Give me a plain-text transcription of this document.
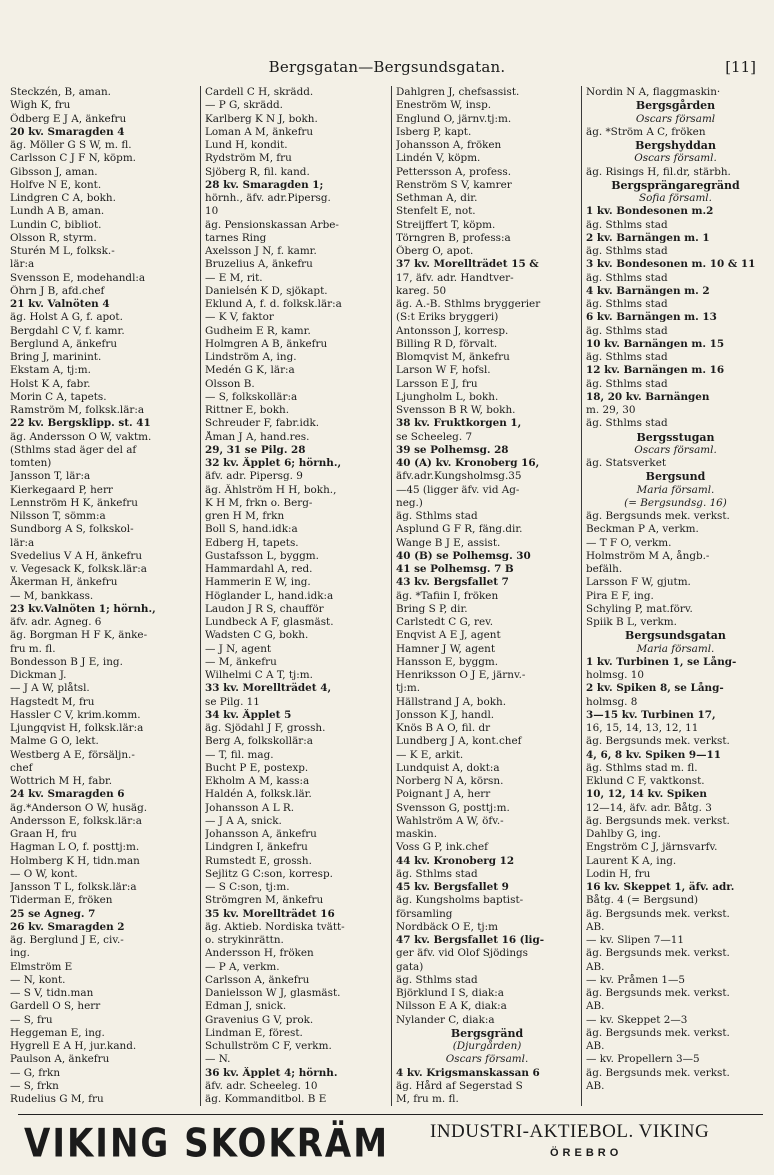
Bergsgatan—Bergsundsgatan.	[11]
Steckzén, B, aman.
Wigh K, fru
Ödberg E J A, änkefru
20 kv. Smaragden 4
äg. Möller G S W, m. fl.
Carlsson C J F N, köpm.
Gibsson J, aman.
Holfve N E, kont.
Lindgren C A, bokh.
Lundh A B, aman.
Lundin C, bibliot.
Olsson R, styrm.
Sturén M L, folksk.-
lär:a
Svensson E, modehandl:a
Öhrn J B, afd.chef
21 kv. Valnöten 4
äg. Holst A G, f. apot.
Bergdahl C V, f. kamr.
Berglund A, änkefru
Bring J, marinint.
Ekstam A, tj:m.
Holst K A, fabr.
Morin C A, tapets.
Ramström M, folksk.lär:a
22 kv. Bergsklipp. st. 41
äg. Andersson O W, vaktm.
(Sthlms stad äger del af
tomten)
Jansson T, lär:a
Kierkegaard P, herr
Lennström H K, änkefru
Nilsson T, sömm:a
Sundborg A S, folkskol-
lär:a
Svedelius V A H, änkefru
v. Vegesack K, folksk.lär:a
Åkerman H, änkefru
— M, bankkass.
23 kv.Valnöten 1; hörnh.,
äfv. adr. Agneg. 6
äg. Borgman H F K, änke-
fru m. fl.
Bondesson B J E, ing.
Dickman J.
— J A W, plåtsl.
Hagstedt M, fru
Hassler C V, krim.komm.
Ljungqvist H, folksk.lär:a
Malme G O, lekt.
Westberg A E, försäljn.-
chef
Wottrich M H, fabr.
24 kv. Smaragden 6
äg.*Anderson O W, husäg.
Andersson E, folksk.lär:a
Graan H, fru
Hagman L O, f. posttj:m.
Holmberg K H, tidn.man
— O W, kont.
Jansson T L, folksk.lär:a
Tiderman E, fröken
25 se Agneg. 7
26 kv. Smaragden 2
äg. Berglund J E, civ.-
ing.
Elmström E
— N, kont.
— S V, tidn.man
Gardell O S, herr
— S, fru
Heggeman E, ing.
Hygrell E A H, jur.kand.
Paulson A, änkefru
— G, frkn
— S, frkn
Rudelius G M, fru
Cardell C H, skrädd.
— P G, skrädd.
Karlberg K N J, bokh.
Loman A M, änkefru
Lund H, kondit.
Rydström M, fru
Sjöberg R, fil. kand.
28 kv. Smaragden 1;
hörnh., äfv. adr.Pipersg.
10
äg. Pensionskassan Arbe-
tarnes Ring
Axelsson J N, f. kamr.
Bruzelius A, änkefru
— E M, rit.
Danielsén K D, sjökapt.
Eklund A, f. d. folksk.lär:a
— K V, faktor
Gudheim E R, kamr.
Holmgren A B, änkefru
Lindström A, ing.
Medén G K, lär:a
Olsson B.
— S, folkskollär:a
Rittner E, bokh.
Schreuder F, fabr.idk.
Åman J A, hand.res.
29, 31 se Pilg. 28
32 kv. Äpplet 6; hörnh.,
äfv. adr. Pipersg. 9
äg. Ählström H H, bokh.,
K H M, frkn o. Berg-
gren H M, frkn
Boll S, hand.idk:a
Edberg H, tapets.
Gustafsson L, byggm.
Hammardahl A, red.
Hammerin E W, ing.
Höglander L, hand.idk:a
Laudon J R S, chaufför
Lundbeck A F, glasmäst.
Wadsten C G, bokh.
— J N, agent
— M, änkefru
Wilhelmi C A T, tj:m.
33 kv. Morellträdet 4,
se Pilg. 11
34 kv. Äpplet 5
äg. Sjödahl J F, grossh.
Berg A, folkskollär:a
— T, fil. mag.
Bucht P E, postexp.
Ekholm A M, kass:a
Haldén A, folksk.lär.
Johansson A L R.
— J A A, snick.
Johansson A, änkefru
Lindgren I, änkefru
Rumstedt E, grossh.
Sejlitz G C:son, korresp.
— S C:son, tj:m.
Strömgren M, änkefru
35 kv. Morellträdet 16
äg. Aktieb. Nordiska tvätt-
o. strykinrättn.
Andersson H, fröken
— P A, verkm.
Carlsson A, änkefru
Danielsson W J, glasmäst.
Edman J, snick.
Gravenius G V, prok.
Lindman E, förest.
Schullström C F, verkm.
— N.
36 kv. Äpplet 4; hörnh.
äfv. adr. Scheeleg. 10
äg. Kommanditbol. B E
Dahlgren J, chefsassist.
Eneström W, insp.
Englund O, järnv.tj:m.
Isberg P, kapt.
Johansson A, fröken
Lindén V, köpm.
Pettersson A, profess.
Renström S V, kamrer
Sethman A, dir.
Stenfelt E, not.
Streijffert T, köpm.
Törngren B, profess:a
Öberg O, apot.
37 kv. Morellträdet 15 &
17, äfv. adr. Handtver-
kareg. 50
äg. A.-B. Sthlms bryggerier
(S:t Eriks bryggeri)
Antonsson J, korresp.
Billing R D, förvalt.
Blomqvist M, änkefru
Larson W F, hofsl.
Larsson E J, fru
Ljungholm L, bokh.
Svensson B R W, bokh.
38 kv. Fruktkorgen 1,
se Scheeleg. 7
39 se Polhemsg. 28
40 (A) kv. Kronoberg 16,
äfv.adr.Kungsholmsg.35
—45 (ligger äfv. vid Ag-
neg.)
äg. Sthlms stad
Asplund G F R, fäng.dir.
Wange B J E, assist.
40 (B) se Polhemsg. 30
41 se Polhemsg. 7 B
43 kv. Bergsfallet 7
äg. *Tafiin I, fröken
Bring S P, dir.
Carlstedt C G, rev.
Enqvist A E J, agent
Hamner J W, agent
Hansson E, byggm.
Henriksson O J E, järnv.-
tj:m.
Hällstrand J A, bokh.
Jonsson K J, handl.
Knös B A O, fil. dr
Lundberg J A, kont.chef
— K E, arkit.
Lundquist A, dokt:a
Norberg N A, körsn.
Poignant J A, herr
Svensson G, posttj:m.
Wahlström A W, öfv.-
maskin.
Voss G P, ink.chef
44 kv. Kronoberg 12
äg. Sthlms stad
45 kv. Bergsfallet 9
äg. Kungsholms baptist-
församling
Nordbäck O E, tj:m
47 kv. Bergsfallet 16 (lig-
ger äfv. vid Olof Sjödings
gata)
äg. Sthlms stad
Björklund I S, diak:a
Nilsson E A K, diak:a
Nylander C, diak:a
Bergsgränd
(Djurgården)
Oscars församl.
4 kv. Krigsmanskassan 6
äg. Hård af Segerstad S
M, fru m. fl.
Nordin N A, flaggmaskin·
Bergsgården
Oscars församl
äg. *Ström A C, fröken
Bergshyddan
Oscars församl.
äg. Risings H, fil.dr, stärbh.
Bergsprängaregränd
Sofia församl.
1 kv. Bondesonen m.2
äg. Sthlms stad
2 kv. Barnängen m. 1
äg. Sthlms stad
3 kv. Bondesonen m. 10 & 11
äg. Sthlms stad
4 kv. Barnängen m. 2
äg. Sthlms stad
6 kv. Barnängen m. 13
äg. Sthlms stad
10 kv. Barnängen m. 15
äg. Sthlms stad
12 kv. Barnängen m. 16
äg. Sthlms stad
18, 20 kv. Barnängen
m. 29, 30
äg. Sthlms stad
Bergsstugan
Oscars församl.
äg. Statsverket
Bergsund
Maria församl.
(= Bergsundsg. 16)
äg. Bergsunds mek. verkst.
Beckman P A, verkm.
— T F O, verkm.
Holmström M A, ångb.-
befälh.
Larsson F W, gjutm.
Pira E F, ing.
Schyling P, mat.förv.
Spiik B L, verkm.
Bergsundsgatan
Maria församl.
1 kv. Turbinen 1, se Lång-
holmsg. 10
2 kv. Spiken 8, se Lång-
holmsg. 8
3—15 kv. Turbinen 17,
16, 15, 14, 13, 12, 11
äg. Bergsunds mek. verkst.
4, 6, 8 kv. Spiken 9—11
äg. Sthlms stad m. fl.
Eklund C F, vaktkonst.
10, 12, 14 kv. Spiken
12—14, äfv. adr. Båtg. 3
äg. Bergsunds mek. verkst.
Dahlby G, ing.
Engström C J, järnsvarfv.
Laurent K A, ing.
Lodin H, fru
16 kv. Skeppet 1, äfv. adr.
Båtg. 4 (= Bergsund)
äg. Bergsunds mek. verkst.
AB.
— kv. Slipen 7—11
äg. Bergsunds mek. verkst.
AB.
— kv. Pråmen 1—5
äg. Bergsunds mek. verkst.
AB.
— kv. Skeppet 2—3
äg. Bergsunds mek. verkst.
AB.
— kv. Propellern 3—5
äg. Bergsunds mek. verkst.
AB.
VIKING SKOKRÄM INDUSTRI-AKTIEBOL. VIKING
ÖREBRO
